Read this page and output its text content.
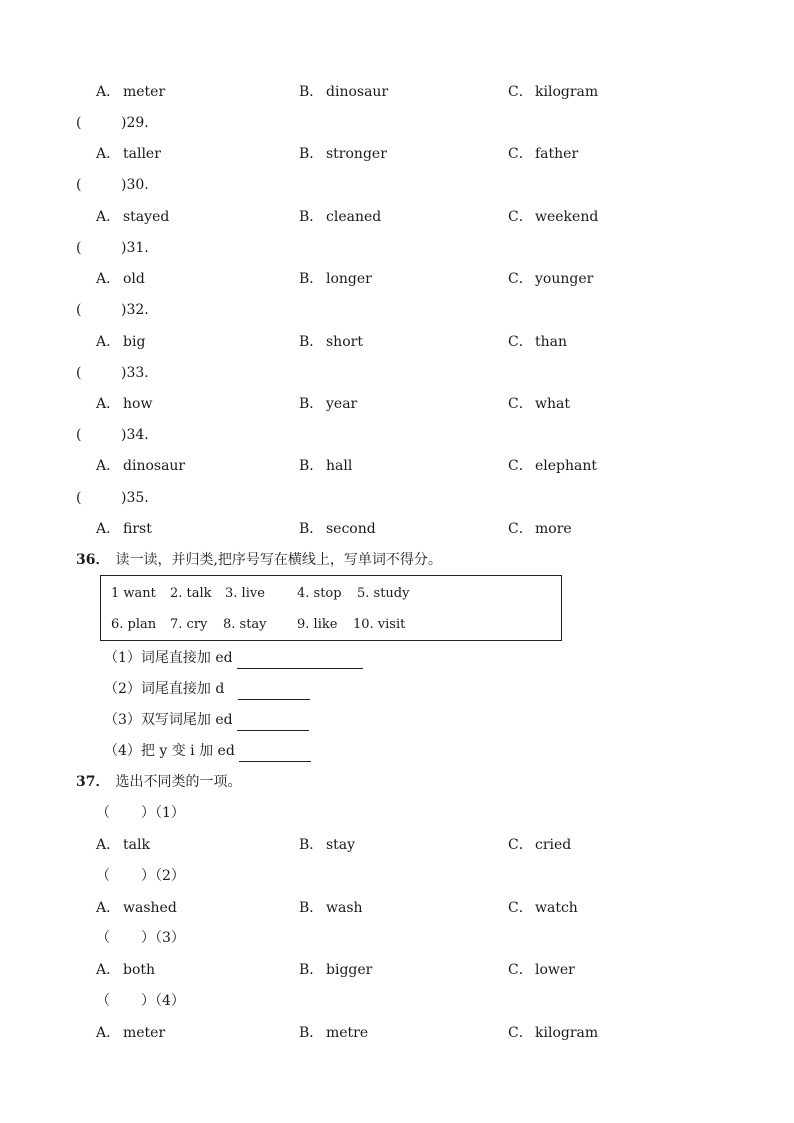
A． meter	B． dinosaur	C． kilogram
(	)29.
A． taller	B． stronger	C． father
(	)30.
A． stayed	B． cleaned	C． weekend
(	)31.
A． old	B． longer	C． younger
(	)32.
A． big	B． short	C． than
(	)33.
A． how	B． year	C． what
(	)34.
A． dinosaur	B． hall	C． elephant
(	)35.
A． first	B． second	C． more
36． 读一读，并归类,把序号写在横线上，写单词不得分。
1 want 2. talk 3. live 4. stop 5. study
6. plan 7. cry 8. stay 9. like 10. visit
（1）词尾直接加 ed
（2）词尾直接加 d
（3）双写词尾加 ed
（4）把 y 变 i 加 ed
37． 选出不同类的一项。
（ ）（1）
A． talk	B． stay	C． cried
（ ）（2）
A． washed	B． wash	C． watch
（ ）（3）
A． both	B． bigger	C． lower
（ ）（4）
A． meter	B． metre	C． kilogram
